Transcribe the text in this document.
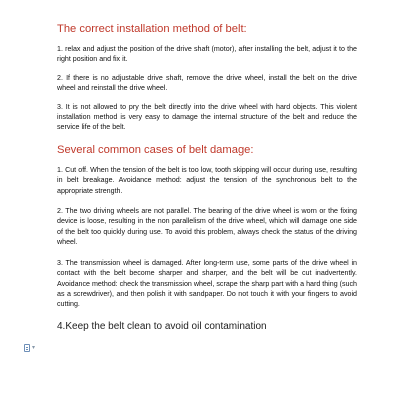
The correct installation method of belt:

1. relax and adjust the position of the drive shaft (motor), after installing the belt, adjust it to the right position and fix it.

2. If there is no adjustable drive shaft, remove the drive wheel, install the belt on the drive wheel and reinstall the drive wheel.

3. It is not allowed to pry the belt directly into the drive wheel with hard objects. This violent installation method is very easy to damage the internal structure of the belt and reduce the service life of the belt.

Several common cases of belt damage:

1. Cut off. When the tension of the belt is too low, tooth skipping will occur during use, resulting in belt breakage. Avoidance method: adjust the tension of the synchronous belt to the appropriate strength.

2. The two driving wheels are not parallel. The bearing of the drive wheel is worn or the fixing device is loose, resulting in the non parallelism of the drive wheel, which will damage one side of the belt too quickly during use. To avoid this problem, always check the status of the driving wheel.

3. The transmission wheel is damaged. After long-term use, some parts of the drive wheel in contact with the belt become sharper and sharper, and the belt will be cut inadvertently. Avoidance method: check the transmission wheel, scrape the sharp part with a hard thing (such as a screwdriver), and then polish it with sandpaper. Do not touch it with your fingers to avoid cutting.

4.Keep the belt clean to avoid oil contamination
▾
